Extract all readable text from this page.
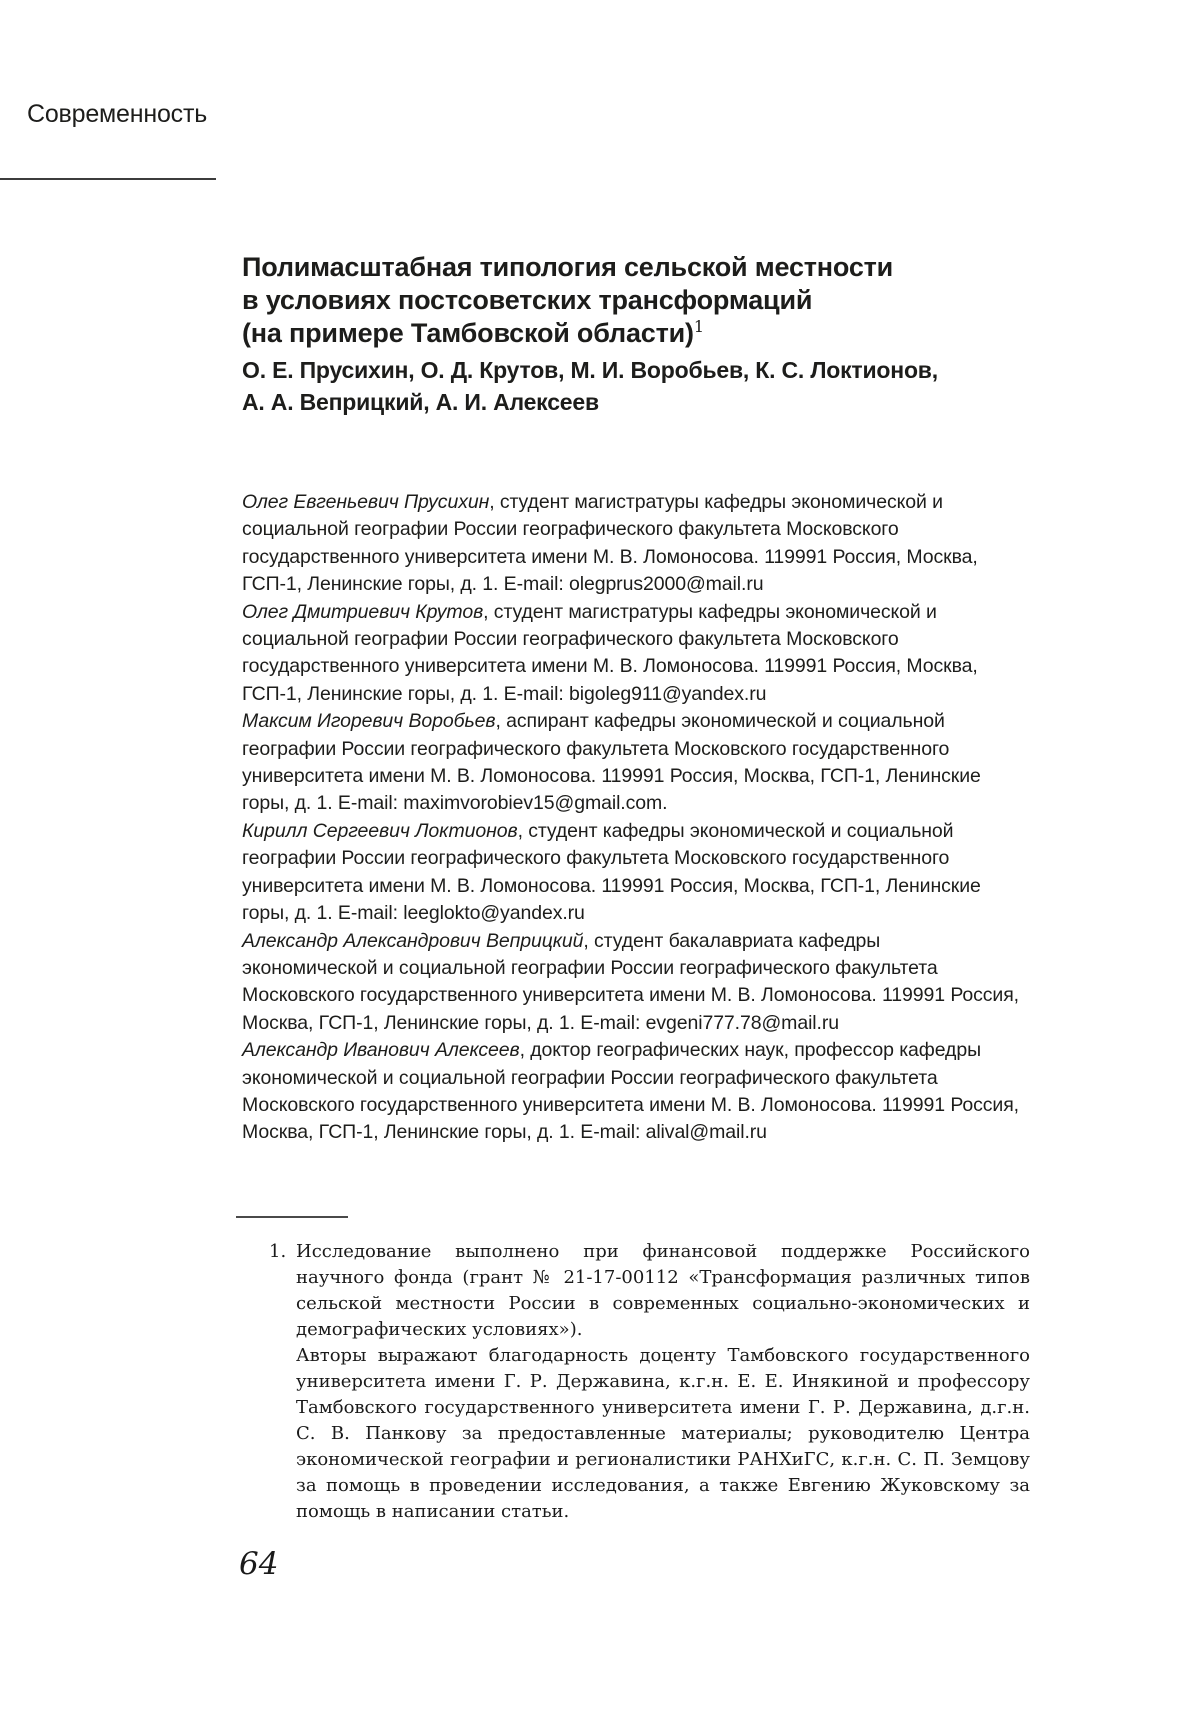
Современность
Полимасштабная типология сельской местности
в условиях постсоветских трансформаций
(на примере Тамбовской области)$^1$
О. Е. Прусихин, О. Д. Крутов, М. И. Воробьев, К. С. Локтионов,
А. А. Веприцкий, А. И. Алексеев

Олег Евгеньевич Прусихин, студент магистратуры кафедры экономической и социальной географии России географического факультета Московского государственного университета имени М. В. Ломоносова. 119991 Россия, Москва, ГСП-1, Ленинские горы, д. 1. E-mail: olegprus2000@mail.ru

Олег Дмитриевич Крутов, студент магистратуры кафедры экономической и социальной географии России географического факультета Московского государственного университета имени М. В. Ломоносова. 119991 Россия, Москва, ГСП-1, Ленинские горы, д. 1. E-mail: bigoleg911@yandex.ru

Максим Игоревич Воробьев, аспирант кафедры экономической и социальной географии России географического факультета Московского государственного университета имени М. В. Ломоносова. 119991 Россия, Москва, ГСП-1, Ленинские горы, д. 1. E-mail: maximvorobiev15@gmail.com.

Кирилл Сергеевич Локтионов, студент кафедры экономической и социальной географии России географического факультета Московского государственного университета имени М. В. Ломоносова. 119991 Россия, Москва, ГСП-1, Ленинские горы, д. 1. E-mail: leeglokto@yandex.ru

Александр Александрович Веприцкий, студент бакалавриата кафедры экономической и социальной географии России географического факультета Московского государственного университета имени М. В. Ломоносова. 119991 Россия, Москва, ГСП-1, Ленинские горы, д. 1. E-mail: evgeni777.78@mail.ru

Александр Иванович Алексеев, доктор географических наук, профессор кафедры экономической и социальной географии России географического факультета Московского государственного университета имени М. В. Ломоносова. 119991 Россия, Москва, ГСП-1, Ленинские горы, д. 1. E-mail: alival@mail.ru

1. Исследование выполнено при финансовой поддержке Российского научного фонда (грант № 21-17-00112 «Трансформация различных типов сельской местности России в современных социально-экономических и демографических условиях»).
Авторы выражают благодарность доценту Тамбовского государственного университета имени Г. Р. Державина, к.г.н. Е. Е. Инякиной и профессору Тамбовского государственного университета имени Г. Р. Державина, д.г.н. С. В. Панкову за предоставленные материалы; руководителю Центра экономической географии и регионалистики РАНХиГС, к.г.н. С. П. Земцову за помощь в проведении исследования, а также Евгению Жуковскому за помощь в написании статьи.
64
